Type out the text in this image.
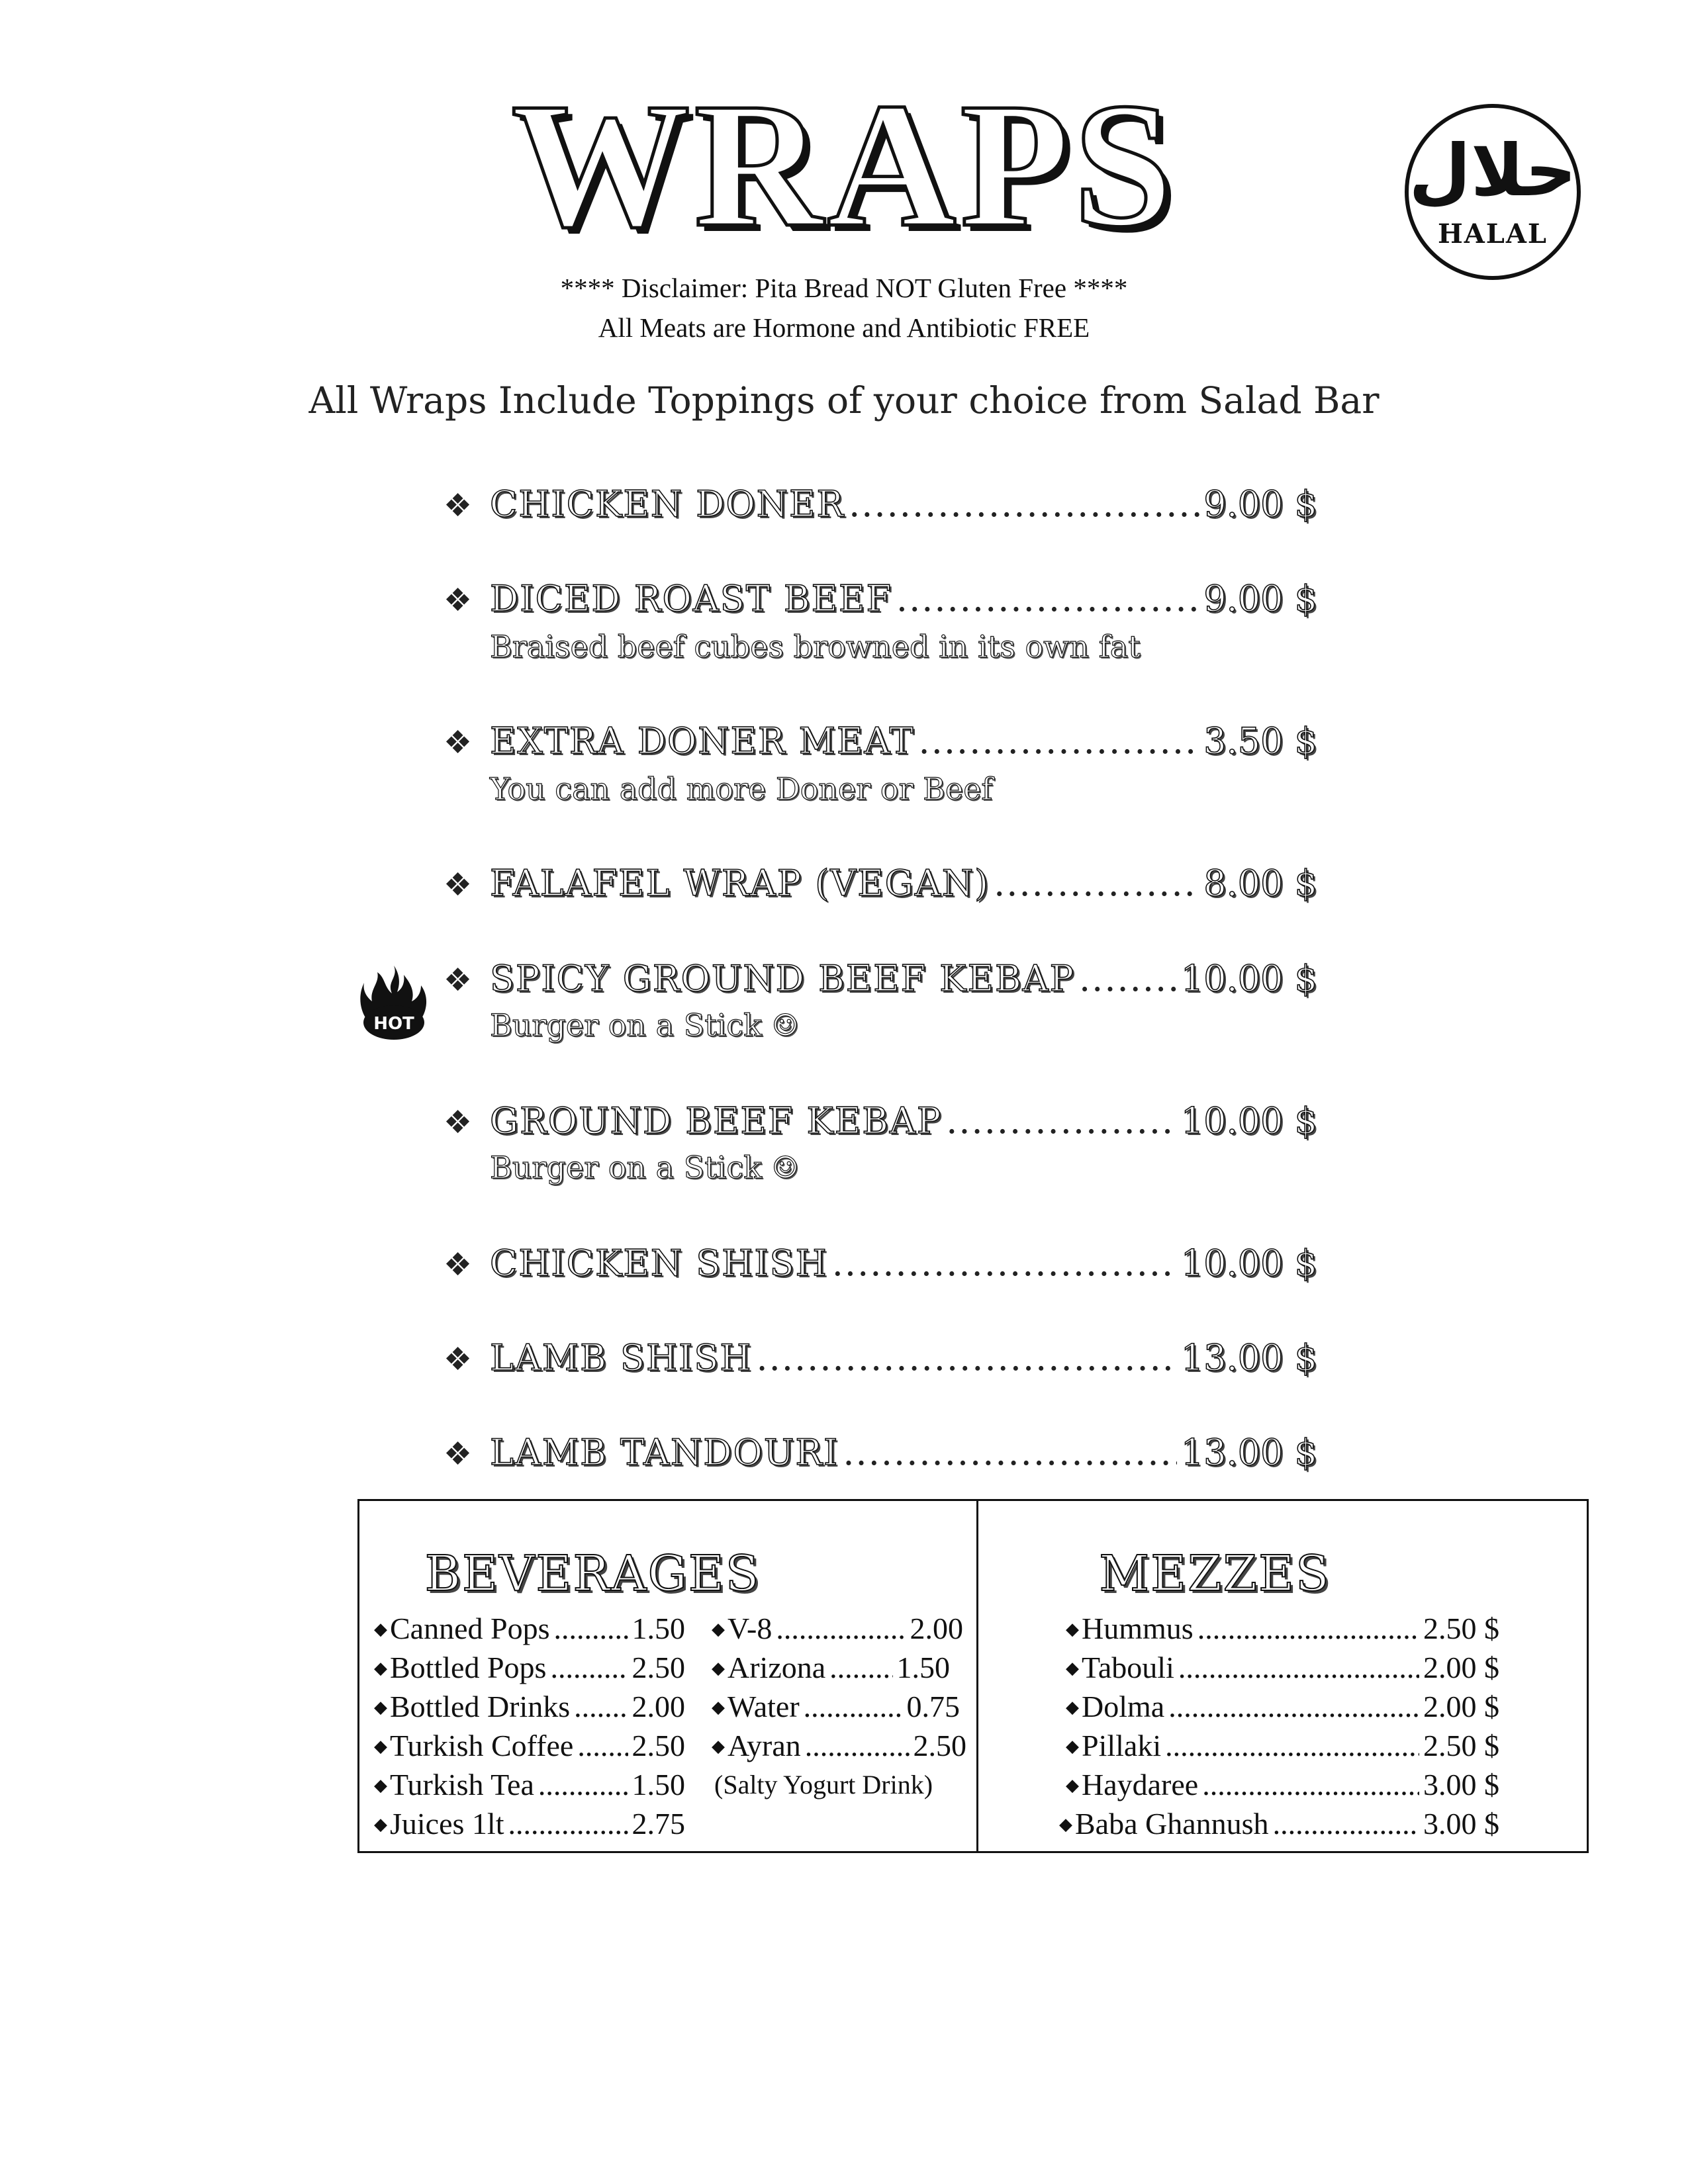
WRAPS	حلال
HALAL
**** Disclaimer: Pita Bread NOT Gluten Free ****
All Meats are Hormone and Antibiotic FREE
All Wraps Include Toppings of your choice from Salad Bar
❖ CHICKEN DONER .....	9.00 $
❖ DICED ROAST BEEF .....	9.00 $
Braised beef cubes browned in its own fat
❖ EXTRA DONER MEAT .....	3.50 $
You can add more Doner or Beef
❖ FALAFEL WRAP (VEGAN) .....	8.00 $
HOT
❖ SPICY GROUND BEEF KEBAP .....	10.00 $
Burger on a Stick ☺
❖ GROUND BEEF KEBAP .....	10.00 $
Burger on a Stick ☺
❖ CHICKEN SHISH .....	10.00 $
❖ LAMB SHISH .....	13.00 $
❖ LAMB TANDOURI .....	13.00 $
BEVERAGES
◆Canned Pops .....	1.50
◆Bottled Pops .....	2.50
◆Bottled Drinks ..... 2.00
◆Turkish Coffee ..... 2.50
◆Turkish Tea .....	1.50
◆Juices 1lt .....	2.75
◆V-8 .....	2.00
◆Arizona ..... 1.50
◆Water .....	0.75
◆Ayran .....	2.50
(Salty Yogurt Drink)
MEZZES
◆Hummus .....	2.50 $
◆Tabouli .....	2.00 $
◆Dolma .....	2.00 $
◆Pillaki .....	2.50 $
◆Haydaree .....	3.00 $
◆Baba Ghannush .....	3.00 $
